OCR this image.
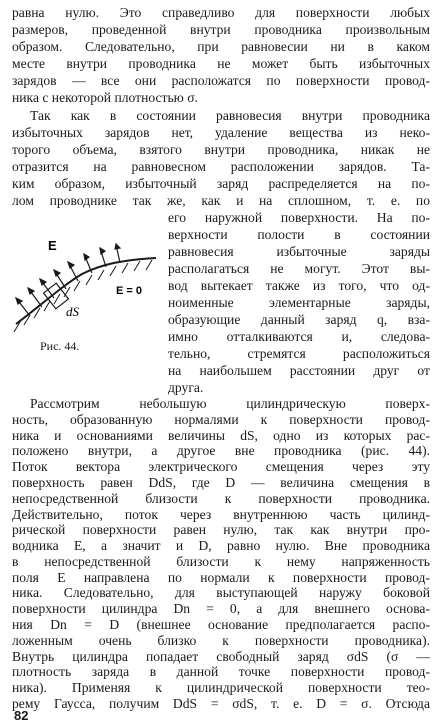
равна нулю. Это справедливо для поверхности любых
размеров, проведенной внутри проводника произвольным
образом. Следовательно, при равновесии ни в каком
месте внутри проводника не может быть избыточных
зарядов — все они расположатся по поверхности провод-
ника с некоторой плотностью σ.
Так как в состоянии равновесия внутри проводника
избыточных зарядов нет, удаление вещества из неко-
торого объема, взятого внутри проводника, никак не
отразится на равновесном расположении зарядов. Та-
ким образом, избыточный заряд распределяется на по-
лом проводнике так же, как и на сплошном, т. е. по
его наружной поверхности. На по-
верхности полости в состоянии
равновесия избыточные заряды
располагаться не могут. Этот вы-
вод вытекает также из того, что од-
ноименные элементарные заряды,
образующие данный заряд q, вза-
имно отталкиваются и, следова-
тельно, стремятся расположиться
на наибольшем расстоянии друг от
друга.
E
dS
E = 0
Рис. 44.
Рассмотрим небольшую цилиндрическую поверх-
ность, образованную нормалями к поверхности провод-
ника и основаниями величины dS, одно из которых рас-
положено внутри, а другое вне проводника (рис. 44).
Поток вектора электрического смещения через эту
поверхность равен DdS, где D — величина смещения в
непосредственной близости к поверхности проводника.
Действительно, поток через внутреннюю часть цилинд-
рической поверхности равен нулю, так как внутри про-
водника E, а значит и D, равно нулю. Вне проводника
в непосредственной близости к нему напряженность
поля E направлена по нормали к поверхности провод-
ника. Следовательно, для выступающей наружу боковой
поверхности цилиндра Dn = 0, а для внешнего основа-
ния Dn = D (внешнее основание предполагается распо-
ложенным очень близко к поверхности проводника).
Внутрь цилиндра попадает свободный заряд σdS (σ —
плотность заряда в данной точке поверхности провод-
ника). Применяя к цилиндрической поверхности тео-
рему Гаусса, получим DdS = σdS, т. е. D = σ. Отсюда
82
